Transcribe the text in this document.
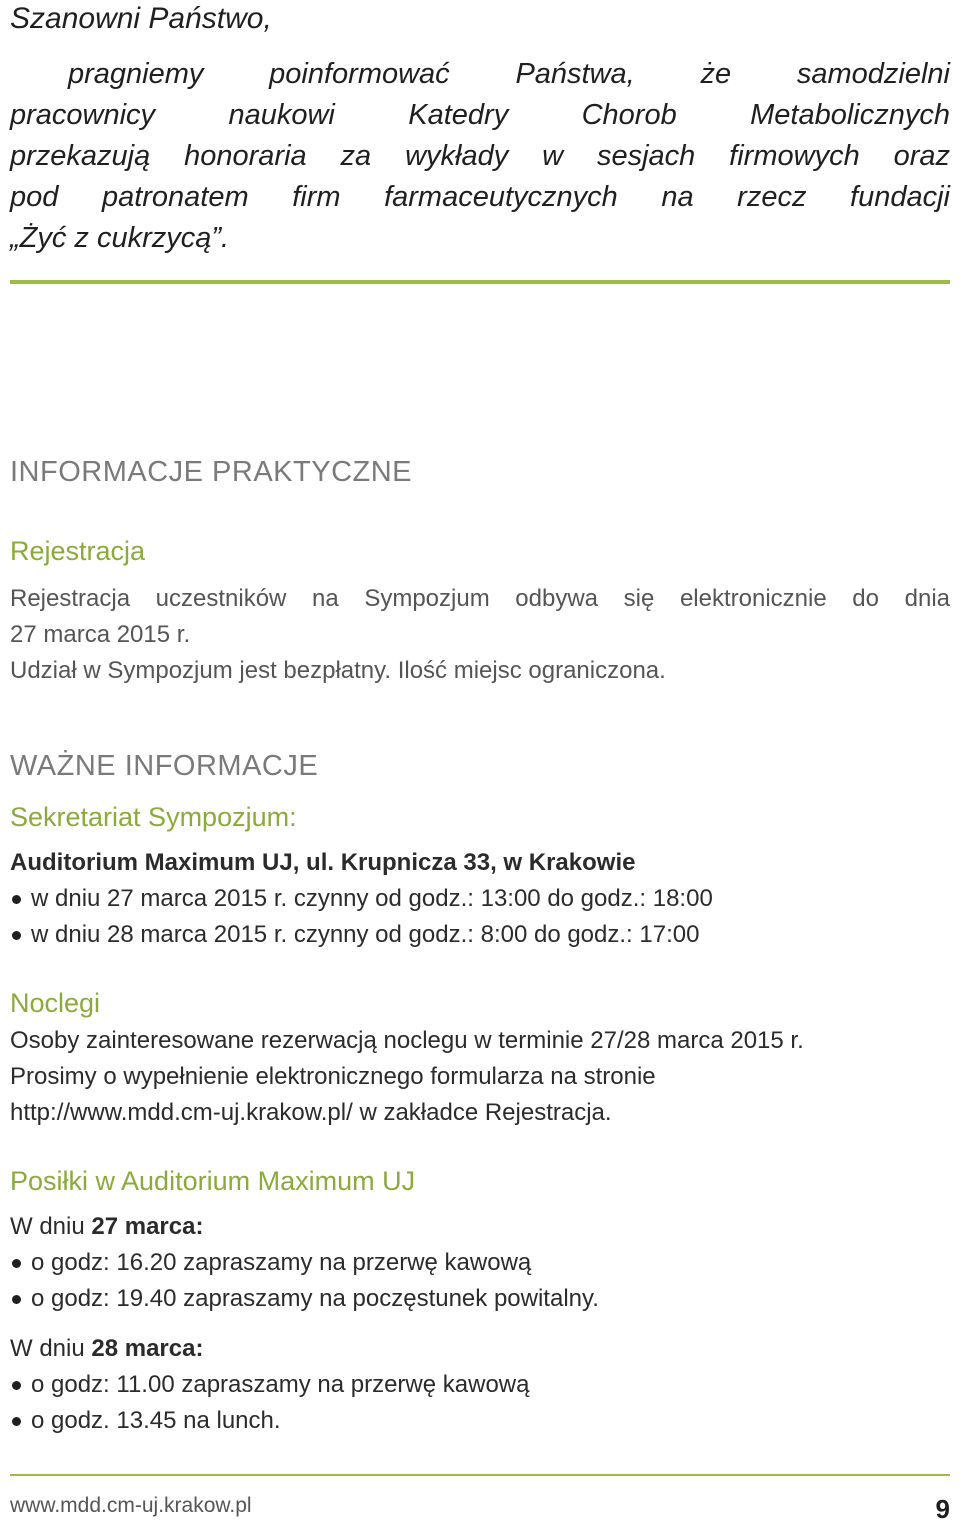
Szanowni Państwo,
pragniemy poinformować Państwa, że samodzielni
pracownicy naukowi Katedry Chorob Metabolicznych
przekazują honoraria za wykłady w sesjach firmowych oraz
pod patronatem firm farmaceutycznych na rzecz fundacji
„Żyć z cukrzycą”.
INFORMACJE PRAKTYCZNE
Rejestracja
Rejestracja uczestników na Sympozjum odbywa się elektronicznie do dnia
27 marca 2015 r.
Udział w Sympozjum jest bezpłatny. Ilość miejsc ograniczona.
WAŻNE INFORMACJE
Sekretariat Sympozjum:
Auditorium Maximum UJ, ul. Krupnicza 33, w Krakowie
w dniu 27 marca 2015 r. czynny od godz.: 13:00 do godz.: 18:00
w dniu 28 marca 2015 r. czynny od godz.: 8:00 do godz.: 17:00
Noclegi
Osoby zainteresowane rezerwacją noclegu w terminie 27/28 marca 2015 r.
Prosimy o wypełnienie elektronicznego formularza na stronie
http://www.mdd.cm-uj.krakow.pl/ w zakładce Rejestracja.
Posiłki w Auditorium Maximum UJ
W dniu 27 marca:
o godz: 16.20 zapraszamy na przerwę kawową
o godz: 19.40 zapraszamy na poczęstunek powitalny.
W dniu 28 marca:
o godz: 11.00 zapraszamy na przerwę kawową
o godz. 13.45 na lunch.
www.mdd.cm-uj.krakow.pl	9
